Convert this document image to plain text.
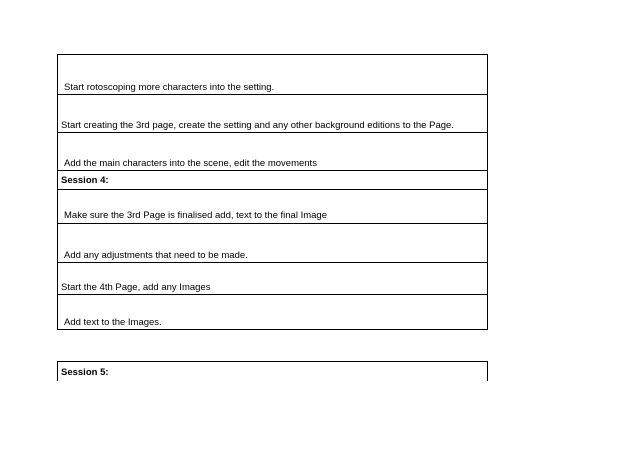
Start rotoscoping more characters into the setting.
Start creating the 3rd page, create the setting and any other background editions to the Page.
Add the main characters into the scene, edit the movements
Session 4:
Make sure the 3rd Page is finalised add, text to the final Image
Add any adjustments that need to be made.
Start the 4th Page, add any Images
Add text to the Images.
Session 5:
